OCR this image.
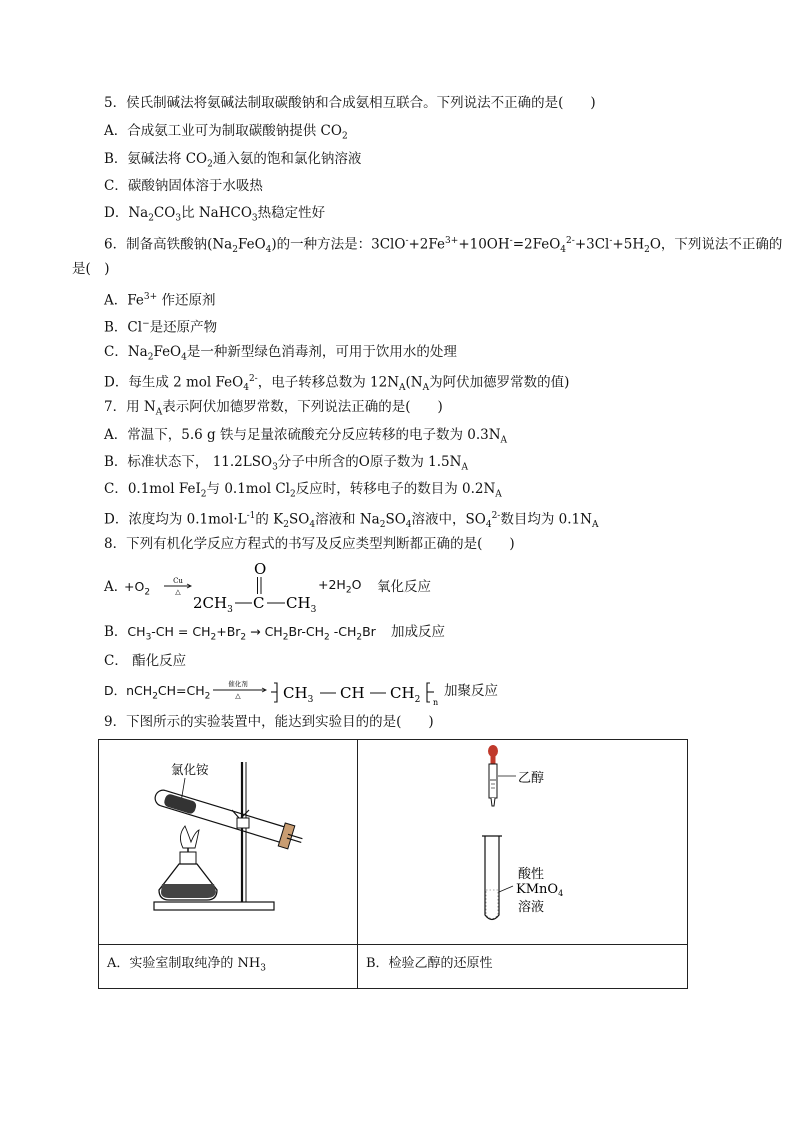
5．侯氏制碱法将氨碱法制取碳酸钠和合成氨相互联合。下列说法不正确的是(　　)
A．合成氨工业可为制取碳酸钠提供 $CO_2$
B．氨碱法将 $CO_2$通入氨的饱和氯化钠溶液
C．碳酸钠固体溶于水吸热
D．$Na_2CO_3$比 NaHCO$_3$热稳定性好
6．制备高铁酸钠$(Na_2FeO_4)$的一种方法是：$3ClO^-+2Fe^{3+}+10OH^-=2FeO_4^{2-}+3Cl^-+5H_2O$，下列说法不正确的
是(　)
A．$Fe^{3+}$ 作还原剂
B．Cl−是还原产物
C．$Na_2FeO_4$是一种新型绿色消毒剂，可用于饮用水的处理
D．每生成 2 mol FeO$_4^{2-}$，电子转移总数为 $12N_A(N_A$为阿伏加德罗常数的值)
7．用 $N_A$表示阿伏加德罗常数，下列说法正确的是(　　)
A．常温下，5.6 g 铁与足量浓硫酸充分反应转移的电子数为 $0.3N_A$
B．标准状态下， $11.2LSO_3$分子中所含的O原子数为 $1.5N_A$
C．0.1mol FeI$_2$与 0.1mol $Cl_2$反应时，转移电子的数目为 $0.2N_A$
D．浓度均为 $0.1mol\cdot L^{-1}$的 $K_2SO_4$溶液和 $Na_2SO_4$溶液中，$SO_4^{2-}$数目均为 $0.1N_A$
8．下列有机化学反应方程式的书写及反应类型判断都正确的是(　　)
A．
$+O_2$
Cu
△
O
$2CH_3$ C $CH_3$
$+2H_2O$ 氧化反应
B．$CH_3-CH = CH_2+Br_2 \to CH_2Br-CH_2$ $-CH_2Br$ 加成反应
C． 酯化反应
D．$nCH_2CH=CH_2$
催化剂
△	$CH_3$ CH $CH_2$ n
加聚反应
9．下图所示的实验装置中，能达到实验目的的是(　　)
氯化铵	乙醇
酸性
KMnO$_4$
溶液

A．实验室制取纯净的 $NH_3$	B．检验乙醇的还原性
